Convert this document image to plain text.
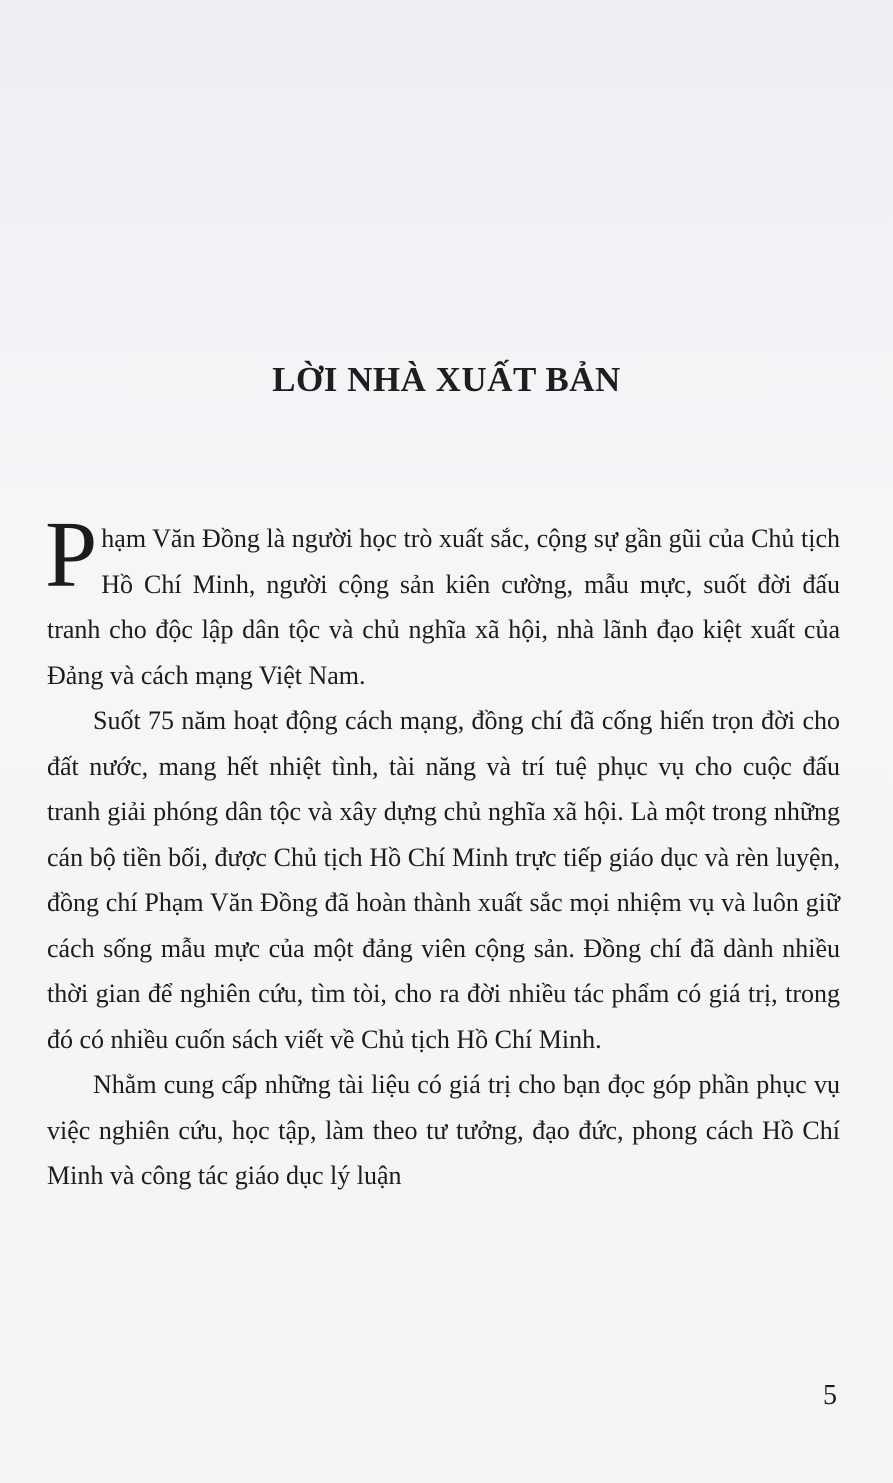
LỜI NHÀ XUẤT BẢN

Phạm Văn Đồng là người học trò xuất sắc, cộng sự gần gũi của Chủ tịch Hồ Chí Minh, người cộng sản kiên cường, mẫu mực, suốt đời đấu tranh cho độc lập dân tộc và chủ nghĩa xã hội, nhà lãnh đạo kiệt xuất của Đảng và cách mạng Việt Nam.

Suốt 75 năm hoạt động cách mạng, đồng chí đã cống hiến trọn đời cho đất nước, mang hết nhiệt tình, tài năng và trí tuệ phục vụ cho cuộc đấu tranh giải phóng dân tộc và xây dựng chủ nghĩa xã hội. Là một trong những cán bộ tiền bối, được Chủ tịch Hồ Chí Minh trực tiếp giáo dục và rèn luyện, đồng chí Phạm Văn Đồng đã hoàn thành xuất sắc mọi nhiệm vụ và luôn giữ cách sống mẫu mực của một đảng viên cộng sản. Đồng chí đã dành nhiều thời gian để nghiên cứu, tìm tòi, cho ra đời nhiều tác phẩm có giá trị, trong đó có nhiều cuốn sách viết về Chủ tịch Hồ Chí Minh.

Nhằm cung cấp những tài liệu có giá trị cho bạn đọc góp phần phục vụ việc nghiên cứu, học tập, làm theo tư tưởng, đạo đức, phong cách Hồ Chí Minh và công tác giáo dục lý luận

5
